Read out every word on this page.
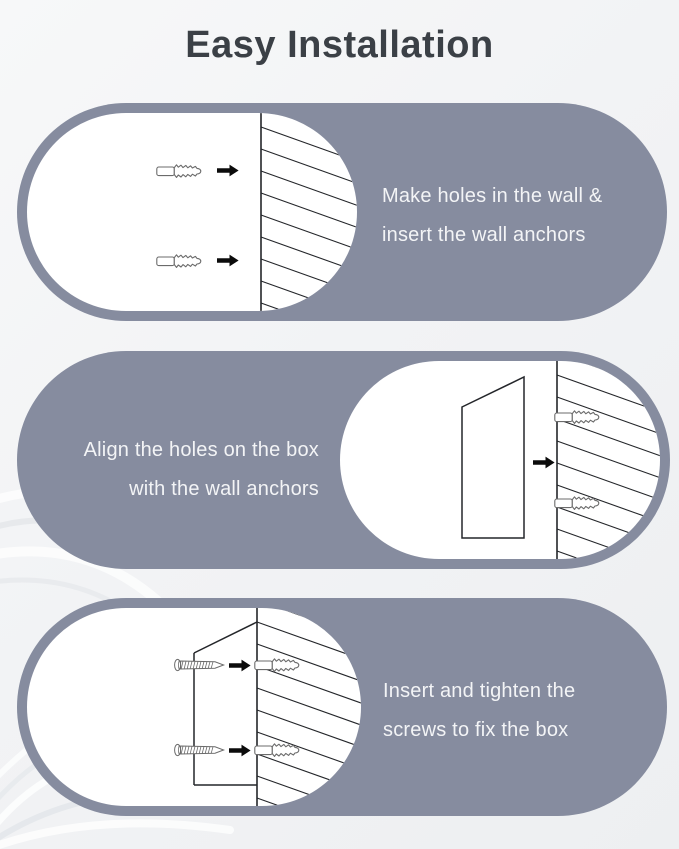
Easy Installation
Make holes in the wall &
insert the wall anchors
Align the holes on the box
with the wall anchors
Insert and tighten the
screws to fix the box
